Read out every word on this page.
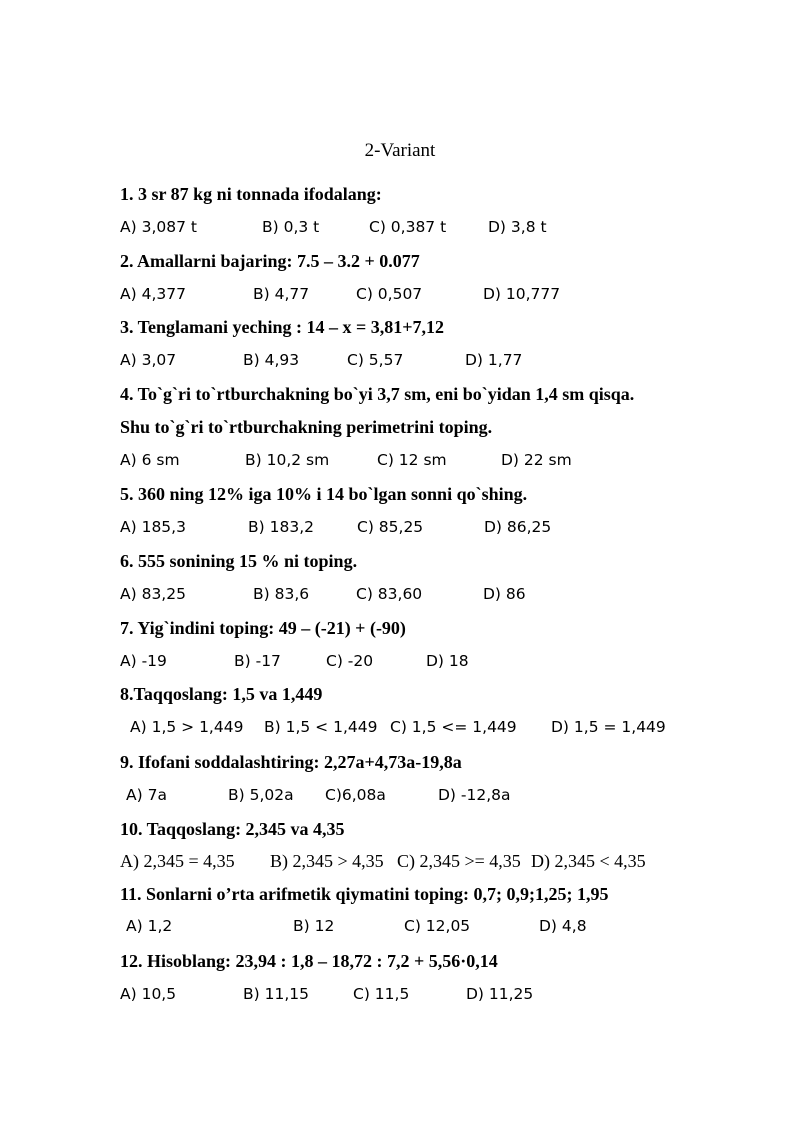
2-Variant
1. 3 sr 87 kg ni tonnada ifodalang:
A) 3,087 t	B) 0,3 t	C) 0,387 t	D) 3,8 t
2. Amallarni bajaring: 7.5 – 3.2 + 0.077
A) 4,377	B) 4,77	C) 0,507	D) 10,777
3. Tenglamani yeching : 14 – x = 3,81+7,12
A) 3,07	B) 4,93	C) 5,57	D) 1,77
4. To`g`ri to`rtburchakning bo`yi 3,7 sm, eni bo`yidan 1,4 sm qisqa.
Shu to`g`ri to`rtburchakning perimetrini toping.
A) 6 sm	B) 10,2 sm	C) 12 sm	D) 22 sm
5. 360 ning 12% iga 10% i 14 bo`lgan sonni qo`shing.
A) 185,3	B) 183,2	C) 85,25	D) 86,25
6. 555 sonining 15 % ni toping.
A) 83,25	B) 83,6	C) 83,60	D) 86
7. Yig`indini toping: 49 – (-21) + (-90)
A) -19	B) -17	C) -20	D) 18
8.Taqqoslang: 1,5 va 1,449
A) 1,5 > 1,449 B) 1,5 < 1,449 C) 1,5 <= 1,449 D) 1,5 = 1,449
9. Ifofani soddalashtiring: 2,27a+4,73a-19,8a
A) 7a	B) 5,02a C)6,08a	D) -12,8a
10. Taqqoslang: 2,345 va 4,35
A) 2,345 = 4,35 B) 2,345 > 4,35 C) 2,345 >= 4,35 D) 2,345 < 4,35
11. Sonlarni o’rta arifmetik qiymatini toping: 0,7; 0,9;1,25; 1,95
A) 1,2	B) 12	C) 12,05	D) 4,8
12. Hisoblang: 23,94 : 1,8 – 18,72 : 7,2 + 5,56·0,14
A) 10,5	B) 11,15	C) 11,5	D) 11,25
